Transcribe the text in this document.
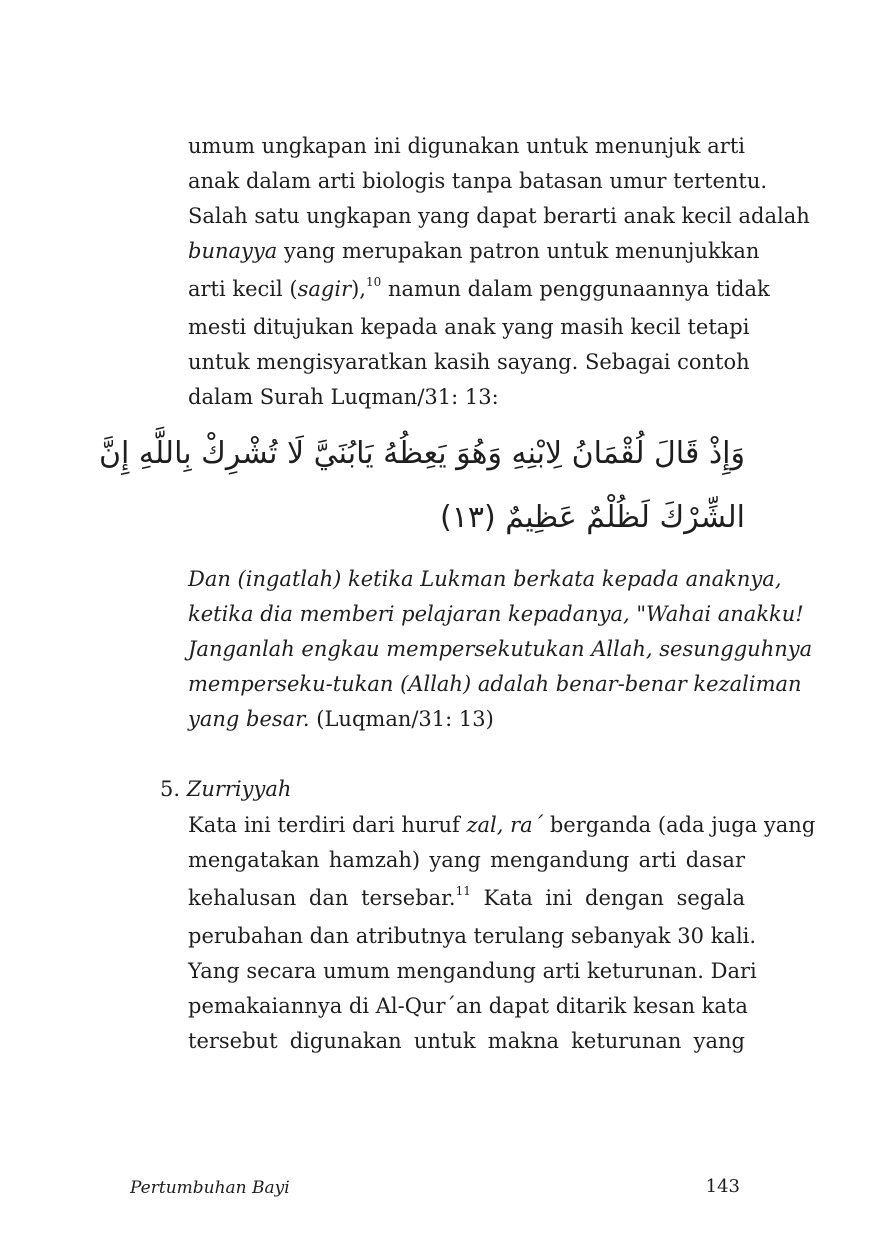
umum ungkapan ini digunakan untuk menunjuk arti
anak dalam arti biologis tanpa batasan umur tertentu.
Salah satu ungkapan yang dapat berarti anak kecil adalah
bunayya yang merupakan patron untuk menunjukkan
arti kecil (sagir),$^{10}$ namun dalam penggunaannya tidak
mesti ditujukan kepada anak yang masih kecil tetapi
untuk mengisyaratkan kasih sayang. Sebagai contoh
dalam Surah Luqman/31: 13:
وَإِذْ قَالَ لُقْمَانُ لِابْنِهِ وَهُوَ يَعِظُهُ يَابُنَيَّ لَا تُشْرِكْ بِاللَّهِ إِنَّ
الشِّرْكَ لَظُلْمٌ عَظِيمٌ (١٣)
Dan (ingatlah) ketika Lukman berkata kepada anaknya,
ketika dia memberi pelajaran kepadanya, "Wahai anakku!
Janganlah engkau mempersekutukan Allah, sesungguhnya
memperseku-tukan (Allah) adalah benar-benar kezaliman
yang besar. (Luqman/31: 13)
5. Zurriyyah
Kata ini terdiri dari huruf zal, ra´ berganda (ada juga yang
mengatakan hamzah) yang mengandung arti dasar
kehalusan dan tersebar.$^{11}$ Kata ini dengan segala
perubahan dan atributnya terulang sebanyak 30 kali.
Yang secara umum mengandung arti keturunan. Dari
pemakaiannya di Al-Qur´an dapat ditarik kesan kata
tersebut digunakan untuk makna keturunan yang
Pertumbuhan Bayi	143
